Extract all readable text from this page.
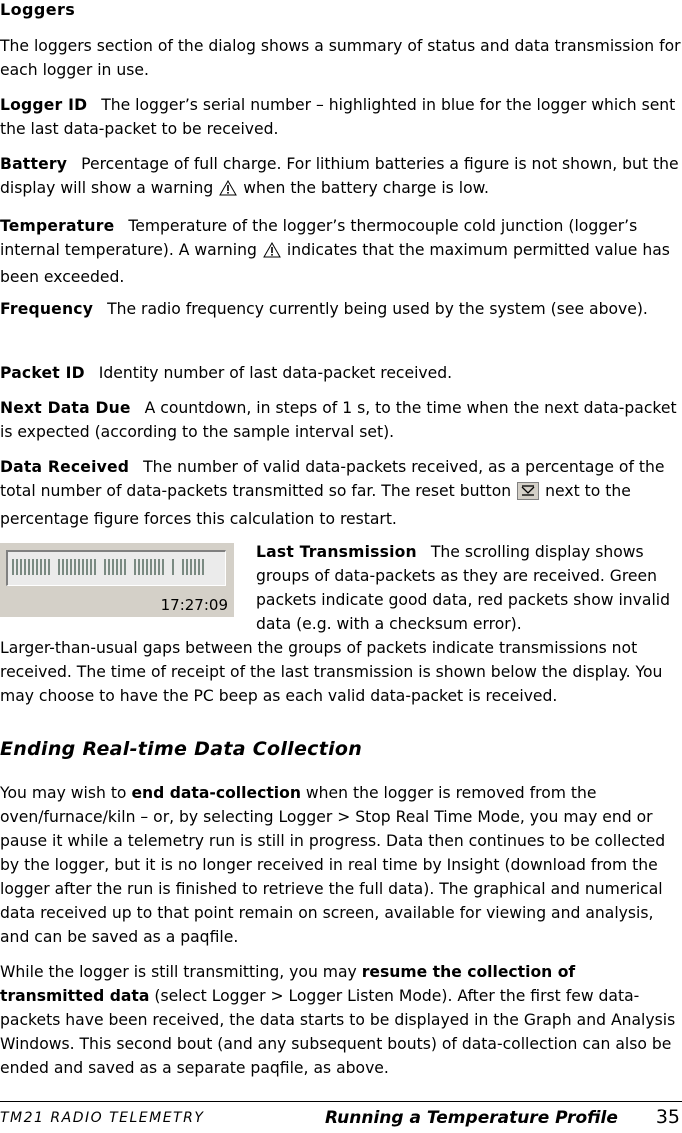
Loggers

The loggers section of the dialog shows a summary of status and data transmission for each logger in use.

Logger ID The logger’s serial number – highlighted in blue for the logger which sent the last data-packet to be received.

Battery Percentage of full charge. For lithium batteries a figure is not shown, but the display will show a warning when the battery charge is low.

Temperature Temperature of the logger’s thermocouple cold junction (logger’s internal temperature). A warning indicates that the maximum permitted value has been exceeded.

Frequency The radio frequency currently being used by the system (see above).

Packet ID Identity number of last data-packet received.

Next Data Due A countdown, in steps of 1 s, to the time when the next data-packet is expected (according to the sample interval set).

Data Received The number of valid data-packets received, as a percentage of the total number of data-packets transmitted so far. The reset button next to the percentage figure forces this calculation to restart.

17:27:09

Last Transmission The scrolling display shows groups of data-packets as they are received. Green packets indicate good data, red packets show invalid data (e.g. with a checksum error).

Larger-than-usual gaps between the groups of packets indicate transmissions not received. The time of receipt of the last transmission is shown below the display. You may choose to have the PC beep as each valid data-packet is received.

Ending Real-time Data Collection

You may wish to end data-collection when the logger is removed from the oven/furnace/kiln – or, by selecting Logger > Stop Real Time Mode, you may end or pause it while a telemetry run is still in progress. Data then continues to be collected by the logger, but it is no longer received in real time by Insight (download from the logger after the run is finished to retrieve the full data). The graphical and numerical data received up to that point remain on screen, available for viewing and analysis, and can be saved as a paqfile.

While the logger is still transmitting, you may resume the collection of transmitted data (select Logger > Logger Listen Mode). After the first few data-packets have been received, the data starts to be displayed in the Graph and Analysis Windows. This second bout (and any subsequent bouts) of data-collection can also be ended and saved as a separate paqfile, as above.

TM21 RADIO TELEMETRY	Running a Temperature Profile 35
